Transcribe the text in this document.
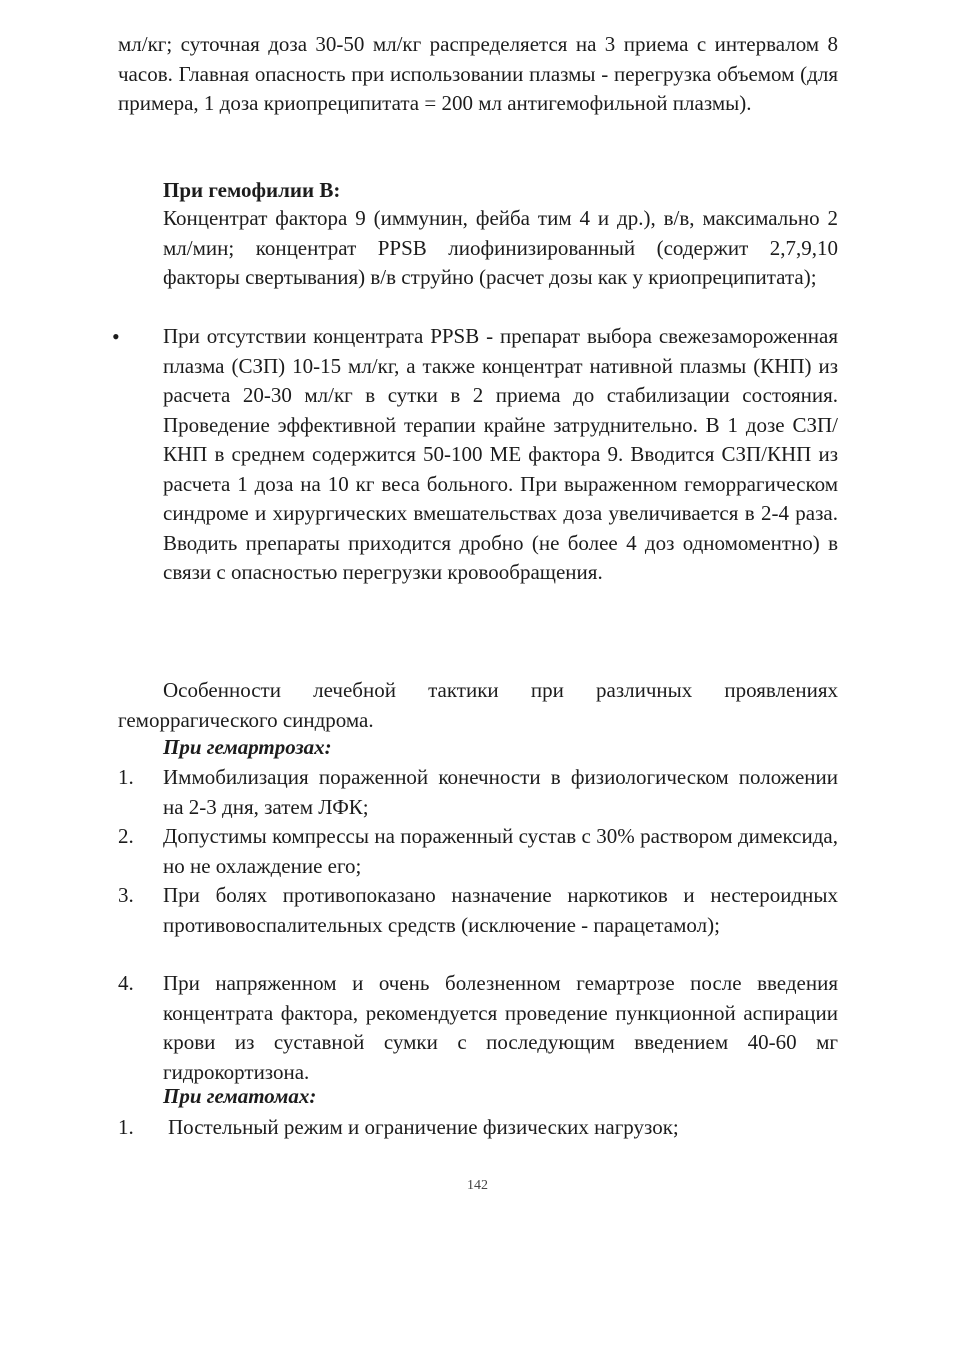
мл/кг; суточная доза 30-50 мл/кг распределяется на 3 приема с интервалом 8 часов. Главная опасность при использовании плазмы - перегрузка объемом (для примера, 1 доза криопреципитата = 200 мл антигемофильной плазмы).
При гемофилии В:
Концентрат фактора 9 (иммунин, фейба тим 4 и др.), в/в, максимально 2 мл/мин; концентрат PPSB лиофинизированный (содержит 2,7,9,10 факторы свертывания) в/в струйно (расчет дозы как у криопреципитата);
• При отсутствии концентрата PPSB - препарат выбора свежезамороженная плазма (СЗП) 10-15 мл/кг, а также концентрат нативной плазмы (КНП) из расчета 20-30 мл/кг в сутки в 2 приема до стабилизации состояния. Проведение эффективной терапии крайне затруднительно. В 1 дозе СЗП/КНП в среднем содержится 50-100 МЕ фактора 9. Вводится СЗП/КНП из расчета 1 доза на 10 кг веса больного. При выраженном геморрагическом синдроме и хирургических вмешательствах доза увеличивается в 2-4 раза. Вводить препараты приходится дробно (не более 4 доз одномоментно) в связи с опасностью перегрузки кровообращения.
Особенности лечебной тактики при различных проявлениях геморрагического синдрома.
При гемартрозах:
1. Иммобилизация пораженной конечности в физиологическом положении на 2-3 дня, затем ЛФК;
2. Допустимы компрессы на пораженный сустав с 30% раствором димексида, но не охлаждение его;
3. При болях противопоказано назначение наркотиков и нестероидных противовоспалительных средств (исключение - парацетамол);
4. При напряженном и очень болезненном гемартрозе после введения концентрата фактора, рекомендуется проведение пункционной аспирации крови из суставной сумки с последующим введением 40-60 мг гидрокортизона.
При гематомах:
1. Постельный режим и ограничение физических нагрузок;
142
